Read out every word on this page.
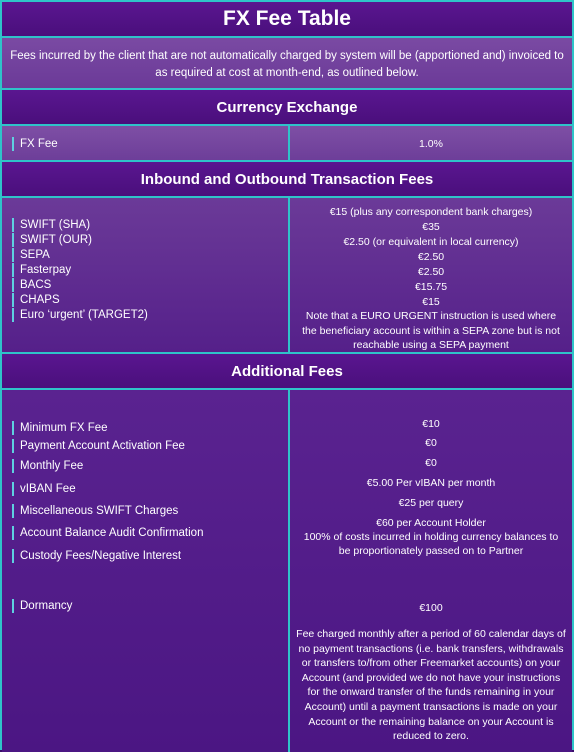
FX Fee Table
Fees incurred by the client that are not automatically charged by system will be (apportioned and) invoiced to as required at cost at month-end, as outlined below.
Currency Exchange
FX Fee	1.0%
Inbound and Outbound Transaction Fees
SWIFT (SHA)
SWIFT (OUR)
SEPA
Fasterpay
BACS
CHAPS
Euro ‘urgent’ (TARGET2)
€15 (plus any correspondent bank charges)
€35
€2.50 (or equivalent in local currency)
€2.50
€2.50
€15.75
€15
Note that a EURO URGENT instruction is used where the beneficiary account is within a SEPA zone but is not reachable using a SEPA payment
Additional Fees
Minimum FX Fee
Payment Account Activation Fee
Monthly Fee
vIBAN Fee
Miscellaneous SWIFT Charges
Account Balance Audit Confirmation
Custody Fees/Negative Interest
Dormancy
€10
€0
€0
€5.00 Per vIBAN per month
€25 per query
€60 per Account Holder
100% of costs incurred in holding currency balances to be proportionately passed on to Partner
€100
Fee charged monthly after a period of 60 calendar days of no payment transactions (i.e. bank transfers, withdrawals or transfers to/from other Freemarket accounts) on your Account (and provided we do not have your instructions for the onward transfer of the funds remaining in your Account) until a payment transactions is made on your Account or the remaining balance on your Account is reduced to zero.
